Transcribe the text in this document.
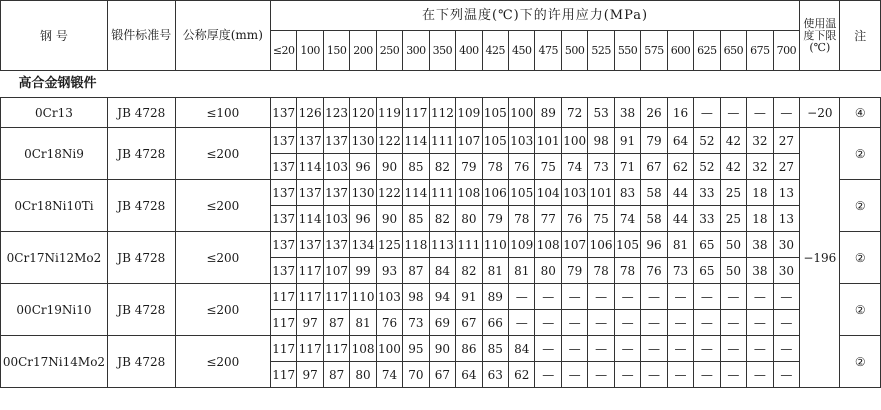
钢 号	锻件标准号	公称厚度(mm)	在下列温度(℃)下的许用应力(MPa)																				使用温度下限(℃)	注
			≤20	100	150	200	250	300	350	400	425	450	475	500	525	550	575	600	625	650	675	700		
高合金钢锻件																								
0Cr13	JB 4728	≤100	137	126	123	120	119	117	112	109	105	100	89	72	53	38	26	16	—	—	—	—	−20	④
0Cr18Ni9	JB 4728	≤200	137	137	137	130	122	114	111	107	105	103	101	100	98	91	79	64	52	42	32	27	−196	②
			137	114	103	96	90	85	82	79	78	76	75	74	73	71	67	62	52	42	32	27		
0Cr18Ni10Ti	JB 4728	≤200	137	137	137	130	122	114	111	108	106	105	104	103	101	83	58	44	33	25	18	13		②
			137	114	103	96	90	85	82	80	79	78	77	76	75	74	58	44	33	25	18	13		
0Cr17Ni12Mo2	JB 4728	≤200	137	137	137	134	125	118	113	111	110	109	108	107	106	105	96	81	65	50	38	30		②
			137	117	107	99	93	87	84	82	81	81	80	79	78	78	76	73	65	50	38	30		
00Cr19Ni10	JB 4728	≤200	117	117	117	110	103	98	94	91	89	—	—	—	—	—	—	—	—	—	—	—		②
			117	97	87	81	76	73	69	67	66	—	—	—	—	—	—	—	—	—	—	—		
00Cr17Ni14Mo2	JB 4728	≤200	117	117	117	108	100	95	90	86	85	84	—	—	—	—	—	—	—	—	—	—		②
			117	97	87	80	74	70	67	64	63	62	—	—	—	—	—	—	—	—	—	—		
